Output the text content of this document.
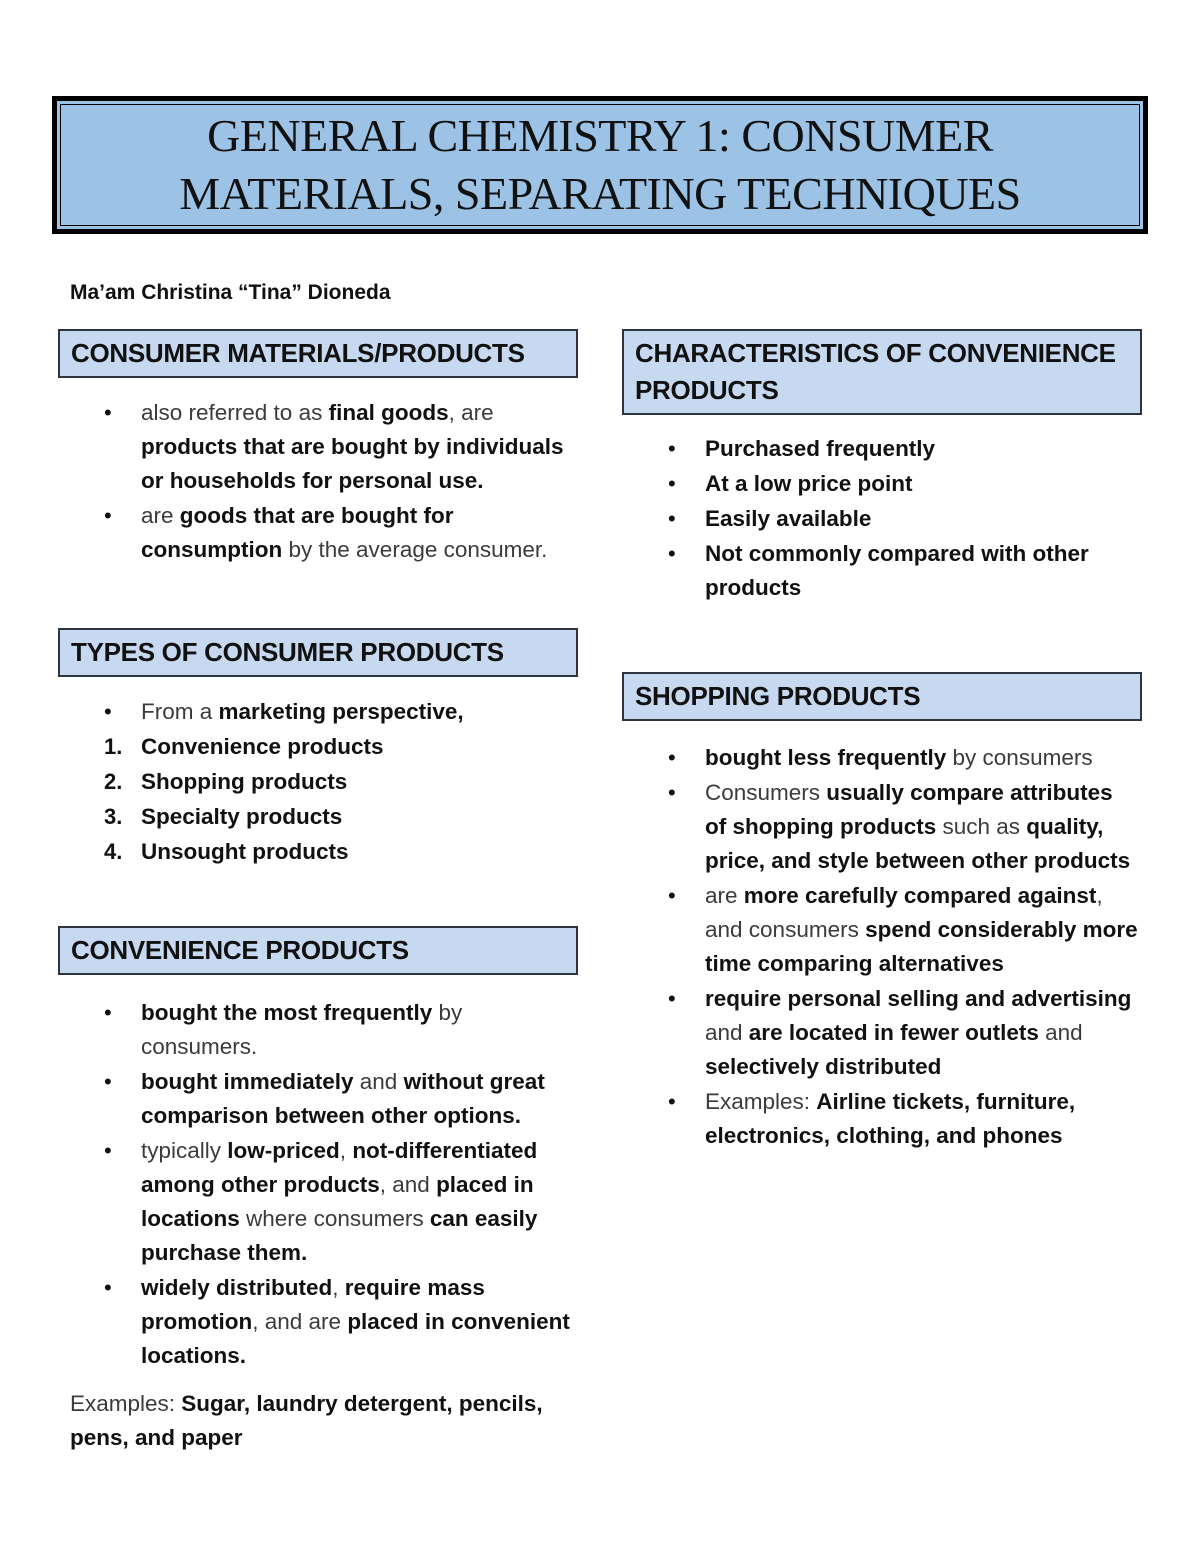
GENERAL CHEMISTRY 1: CONSUMER
MATERIALS, SEPARATING TECHNIQUES
Ma’am Christina “Tina” Dioneda
CONSUMER MATERIALS/PRODUCTS
•
also referred to as final goods, are products that are bought by individuals or households for personal use.
•
are goods that are bought for consumption by the average consumer.
TYPES OF CONSUMER PRODUCTS
•
From a marketing perspective,
1. Convenience products
2. Shopping products
3. Specialty products
4. Unsought products
CONVENIENCE PRODUCTS
•
bought the most frequently by consumers.
•
bought immediately and without great comparison between other options.
•
typically low-priced, not-differentiated among other products, and placed in locations where consumers can easily purchase them.
•
widely distributed, require mass promotion, and are placed in convenient locations.
Examples: Sugar, laundry detergent, pencils, pens, and paper
CHARACTERISTICS OF CONVENIENCE PRODUCTS
•
Purchased frequently
•
At a low price point
•
Easily available
•
Not commonly compared with other products
SHOPPING PRODUCTS
•
bought less frequently by consumers
•
Consumers usually compare attributes of shopping products such as quality, price, and style between other products
•
are more carefully compared against, and consumers spend considerably more time comparing alternatives
•
require personal selling and advertising and are located in fewer outlets and selectively distributed
•
Examples: Airline tickets, furniture, electronics, clothing, and phones
